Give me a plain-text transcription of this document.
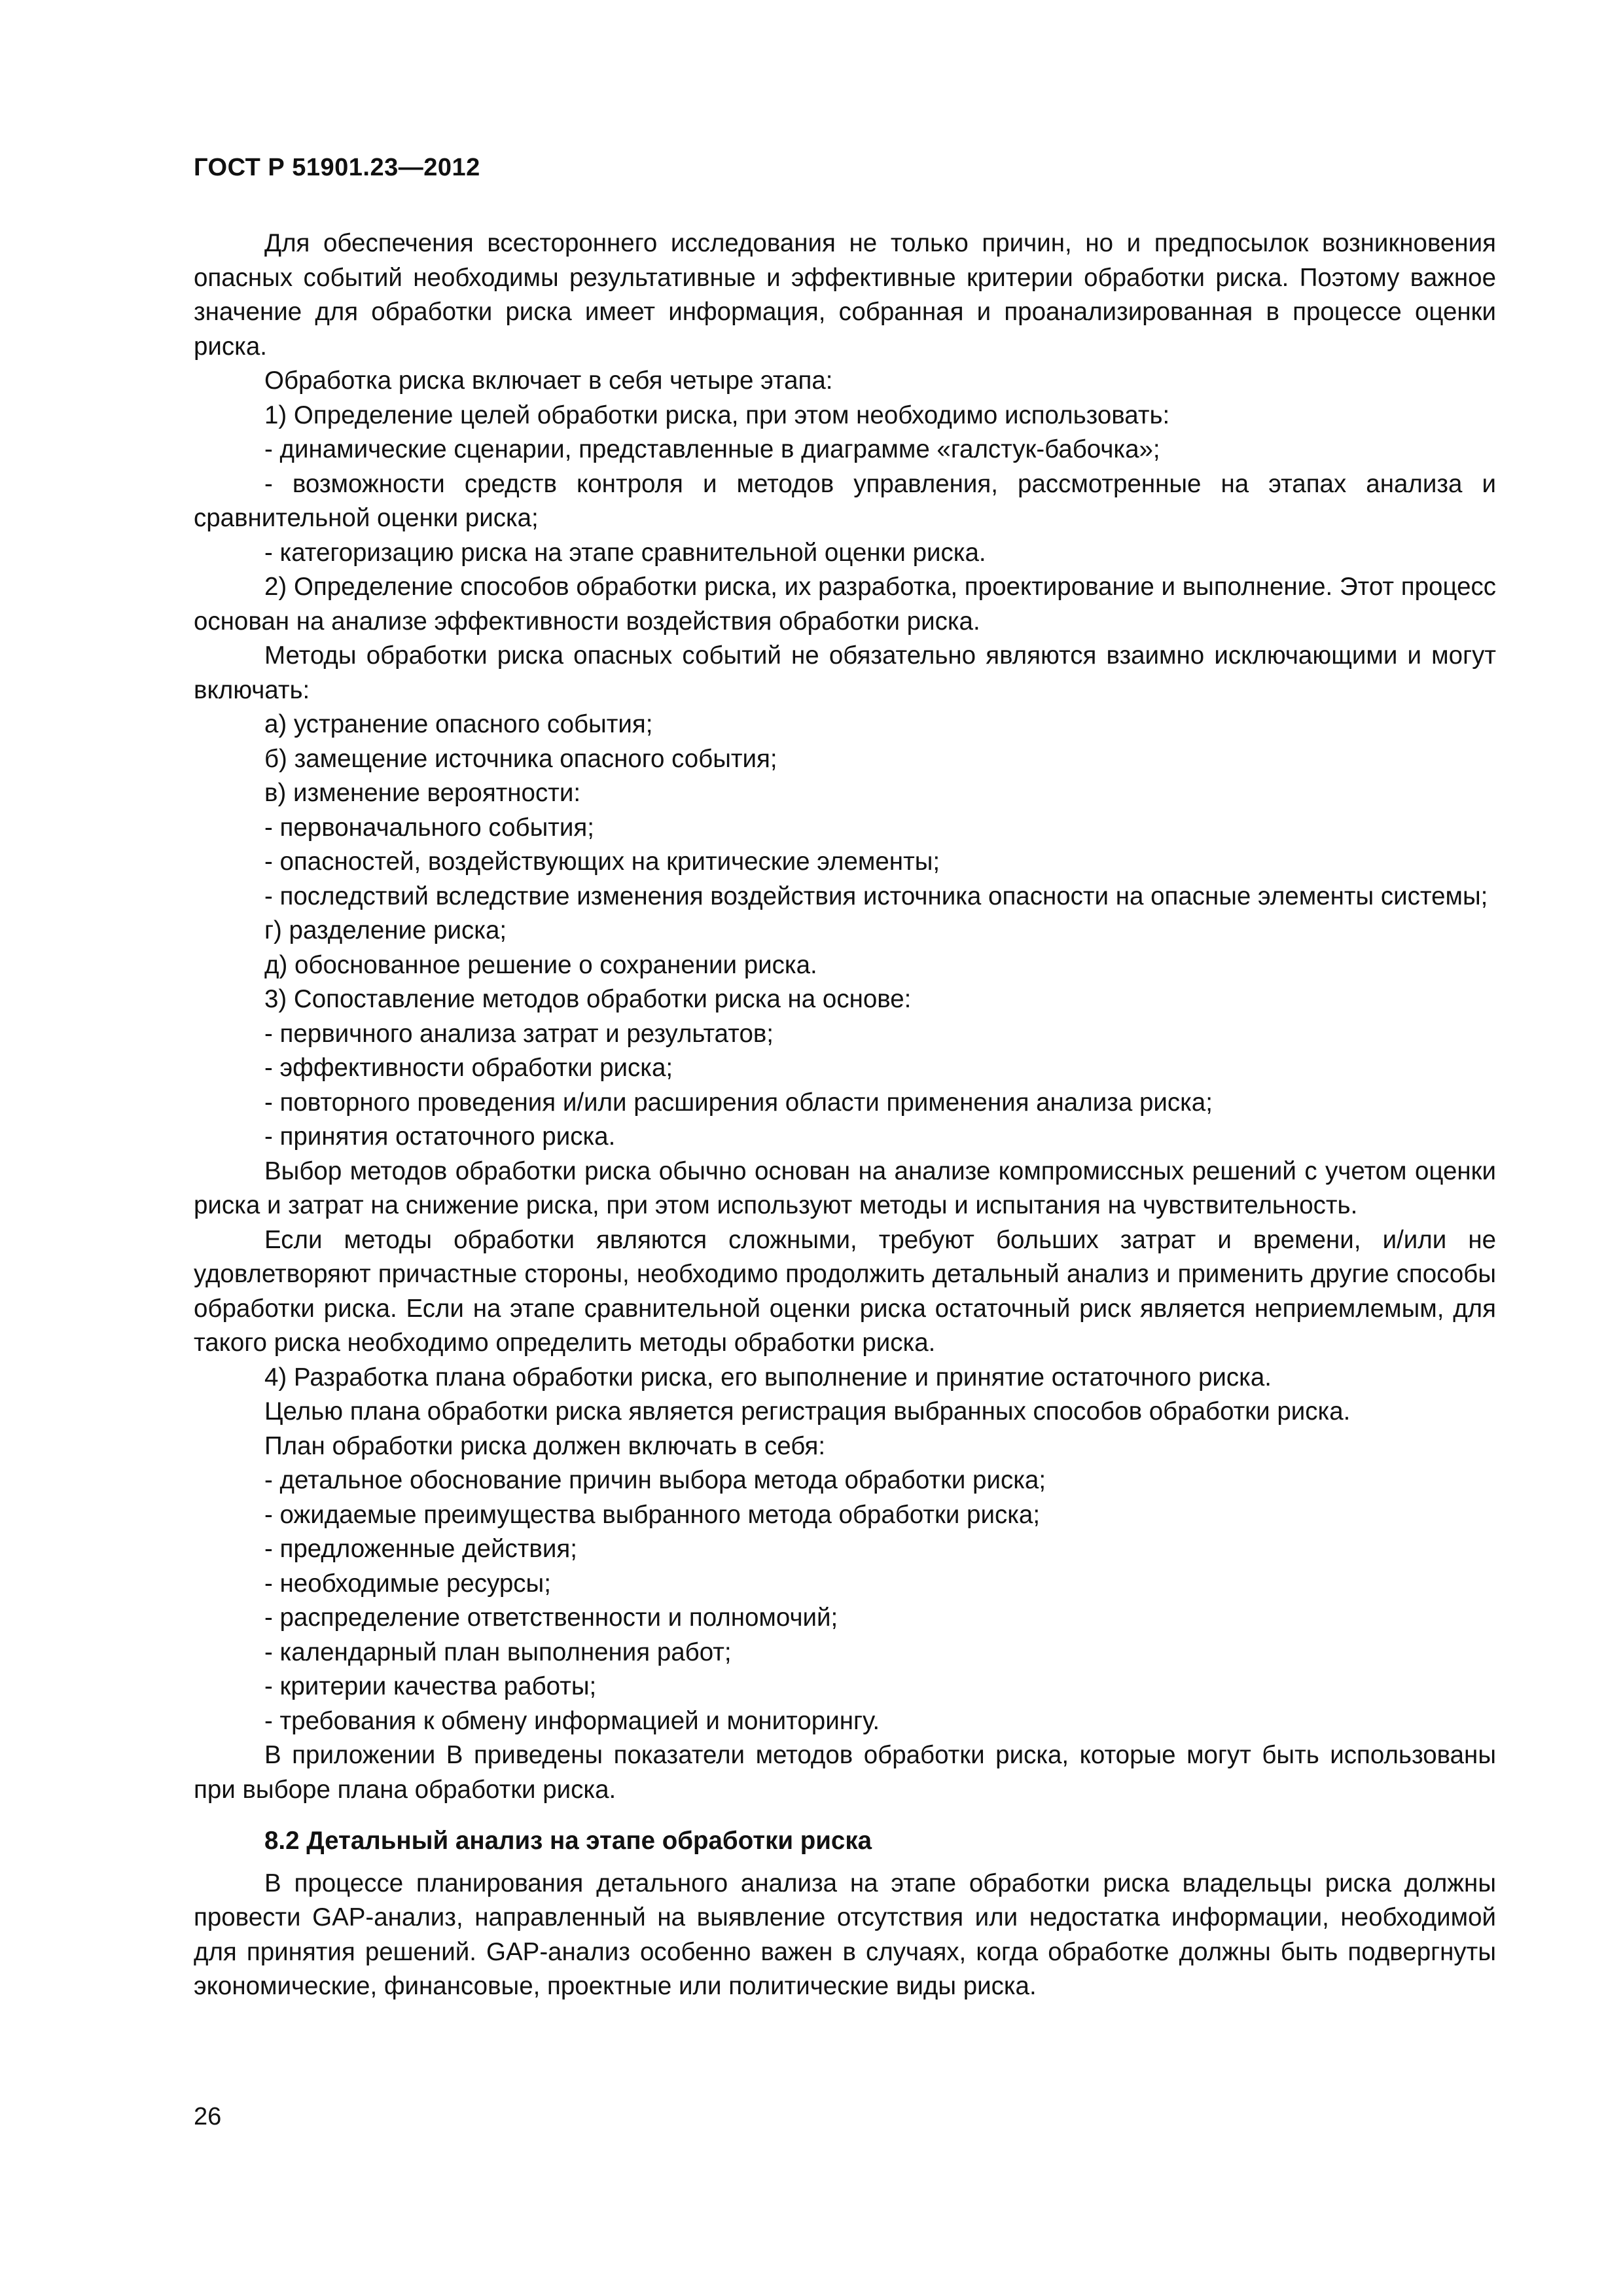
ГОСТ Р 51901.23—2012

Для обеспечения всестороннего исследования не только причин, но и предпосылок возникновения опасных событий необходимы результативные и эффективные критерии обработки риска. Поэтому важное значение для обработки риска имеет информация, собранная и проанализированная в процессе оценки риска.

Обработка риска включает в себя четыре этапа:

1) Определение целей обработки риска, при этом необходимо использовать:

- динамические сценарии, представленные в диаграмме «галстук-бабочка»;

- возможности средств контроля и методов управления, рассмотренные на этапах анализа и сравнительной оценки риска;

- категоризацию риска на этапе сравнительной оценки риска.

2) Определение способов обработки риска, их разработка, проектирование и выполнение. Этот процесс основан на анализе эффективности воздействия обработки риска.

Методы обработки риска опасных событий не обязательно являются взаимно исключающими и могут включать:

а) устранение опасного события;

б) замещение источника опасного события;

в) изменение вероятности:

- первоначального события;

- опасностей, воздействующих на критические элементы;

- последствий вследствие изменения воздействия источника опасности на опасные элементы системы;

г) разделение риска;

д) обоснованное решение о сохранении риска.

3) Сопоставление методов обработки риска на основе:

- первичного анализа затрат и результатов;

- эффективности обработки риска;

- повторного проведения и/или расширения области применения анализа риска;

- принятия остаточного риска.

Выбор методов обработки риска обычно основан на анализе компромиссных решений с учетом оценки риска и затрат на снижение риска, при этом используют методы и испытания на чувствительность.

Если методы обработки являются сложными, требуют больших затрат и времени, и/или не удовлетворяют причастные стороны, необходимо продолжить детальный анализ и применить другие способы обработки риска. Если на этапе сравнительной оценки риска остаточный риск является неприемлемым, для такого риска необходимо определить методы обработки риска.

4) Разработка плана обработки риска, его выполнение и принятие остаточного риска.

Целью плана обработки риска является регистрация выбранных способов обработки риска.

План обработки риска должен включать в себя:

- детальное обоснование причин выбора метода обработки риска;

- ожидаемые преимущества выбранного метода обработки риска;

- предложенные действия;

- необходимые ресурсы;

- распределение ответственности и полномочий;

- календарный план выполнения работ;

- критерии качества работы;

- требования к обмену информацией и мониторингу.

В приложении В приведены показатели методов обработки риска, которые могут быть использованы при выборе плана обработки риска.

8.2 Детальный анализ на этапе обработки риска

В процессе планирования детального анализа на этапе обработки риска владельцы риска должны провести GAP-анализ, направленный на выявление отсутствия или недостатка информации, необходимой для принятия решений. GAP-анализ особенно важен в случаях, когда обработке должны быть подвергнуты экономические, финансовые, проектные или политические виды риска.

26
